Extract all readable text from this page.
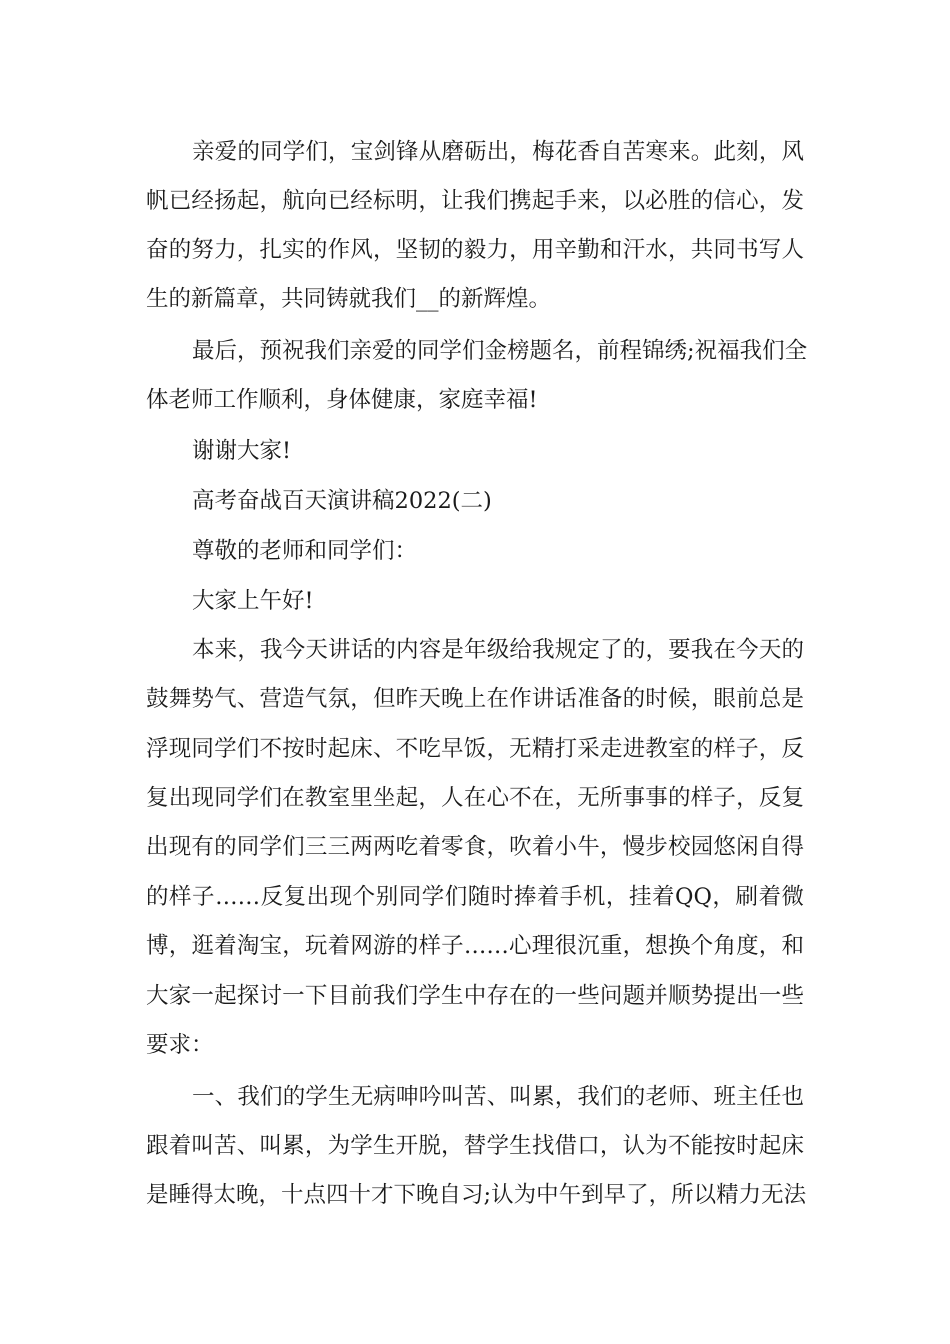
亲爱的同学们，宝剑锋从磨砺出，梅花香自苦寒来。此刻，风
帆已经扬起，航向已经标明，让我们携起手来，以必胜的信心，发
奋的努力，扎实的作风，坚韧的毅力，用辛勤和汗水，共同书写人
生的新篇章，共同铸就我们__的新辉煌。
最后，预祝我们亲爱的同学们金榜题名，前程锦绣;祝福我们全
体老师工作顺利，身体健康，家庭幸福!
谢谢大家!
高考奋战百天演讲稿2022(二)
尊敬的老师和同学们：
大家上午好!
本来，我今天讲话的内容是年级给我规定了的，要我在今天的
鼓舞势气、营造气氛，但昨天晚上在作讲话准备的时候，眼前总是
浮现同学们不按时起床、不吃早饭，无精打采走进教室的样子，反
复出现同学们在教室里坐起，人在心不在，无所事事的样子，反复
出现有的同学们三三两两吃着零食，吹着小牛，慢步校园悠闲自得
的样子……反复出现个别同学们随时捧着手机，挂着QQ，刷着微
博，逛着淘宝，玩着网游的样子……心理很沉重，想换个角度，和
大家一起探讨一下目前我们学生中存在的一些问题并顺势提出一些
要求：
一、我们的学生无病呻吟叫苦、叫累，我们的老师、班主任也
跟着叫苦、叫累，为学生开脱，替学生找借口，认为不能按时起床
是睡得太晚，十点四十才下晚自习;认为中午到早了，所以精力无法
